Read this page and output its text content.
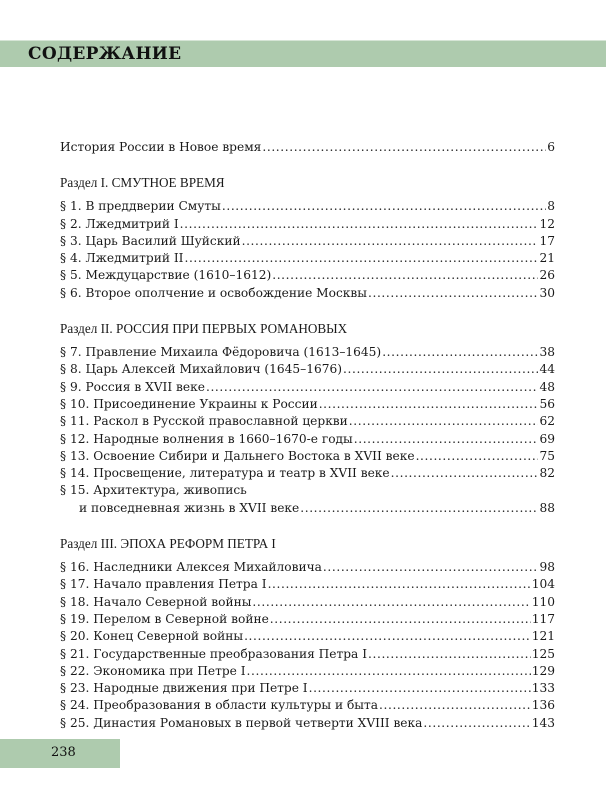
СОДЕРЖАНИЕ
История России в Новое время .....	6
Раздел I. СМУТНОЕ ВРЕМЯ
§ 1. В преддверии Смуты .....	8
§ 2. Лжедмитрий I .....	12
§ 3. Царь Василий Шуйский .....	17
§ 4. Лжедмитрий II .....	21
§ 5. Междуцарствие (1610–1612) .....	26
§ 6. Второе ополчение и освобождение Москвы .....	30
Раздел II. РОССИЯ ПРИ ПЕРВЫХ РОМАНОВЫХ
§ 7. Правление Михаила Фёдоровича (1613–1645) .....	38
§ 8. Царь Алексей Михайлович (1645–1676) .....	44
§ 9. Россия в XVII веке .....	48
§ 10. Присоединение Украины к России .....	56
§ 11. Раскол в Русской православной церкви .....	62
§ 12. Народные волнения в 1660–1670-е годы .....	69
§ 13. Освоение Сибири и Дальнего Востока в XVII веке .....	75
§ 14. Просвещение, литература и театр в XVII веке .....	82
§ 15. Архитектура, живопись
и повседневная жизнь в XVII веке .....	88
Раздел III. ЭПОХА РЕФОРМ ПЕТРА I
§ 16. Наследники Алексея Михайловича .....	98
§ 17. Начало правления Петра I .....	104
§ 18. Начало Северной войны .....	110
§ 19. Перелом в Северной войне .....	117
§ 20. Конец Северной войны .....	121
§ 21. Государственные преобразования Петра I .....	125
§ 22. Экономика при Петре I .....	129
§ 23. Народные движения при Петре I .....	133
§ 24. Преобразования в области культуры и быта .....	136
§ 25. Династия Романовых в первой четверти XVIII века .....	143
238
